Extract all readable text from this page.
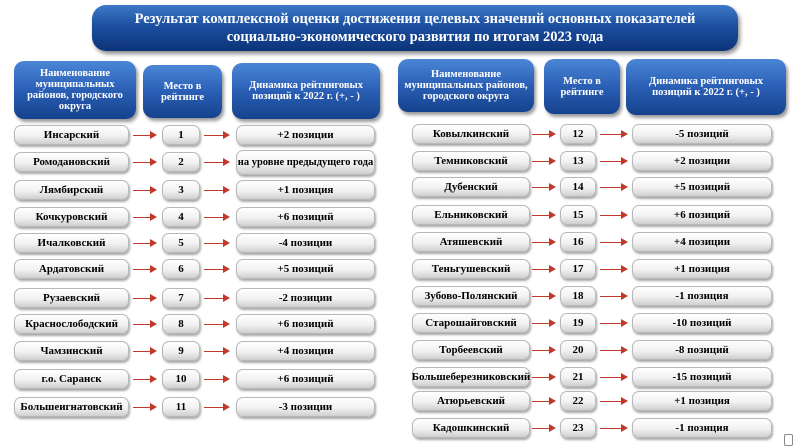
Результат комплексной оценки достижения целевых значений основных показателей
социально-экономического развития по итогам 2023 года
Наименование муниципальных районов, городского округа
Место в рейтинге
Динамика рейтинговых позиций к 2022 г. (+, - )
Наименование муниципальных районов, городского округа
Место в рейтинге
Динамика рейтинговых позиций к 2022 г. (+, - )
Инсарский	1	+2 позиции
Ромодановский	2	на уровне предыдущего года
Лямбирский	3	+1 позиция
Кочкуровский	4	+6 позиций
Ичалковский	5	-4 позиции
Ардатовский	6	+5 позиций
Рузаевский	7	-2 позиции
Краснослободский	8	+6 позиций
Чамзинский	9	+4 позиции
г.о. Саранск	10	+6 позиций
Большеигнатовский	11	-3 позиции
Ковылкинский	12	-5 позиций
Темниковский	13	+2 позиции
Дубенский	14	+5 позиций
Ельниковский	15	+6 позиций
Атяшевский	16	+4 позиции
Теньгушевский	17	+1 позиция
Зубово-Полянский	18	-1 позиция
Старошайговский	19	-10 позиций
Торбеевский	20	-8 позиций
Большеберезниковский	21	-15 позиций
Атюрьевский	22	+1 позиция
Кадошкинский	23	-1 позиция
